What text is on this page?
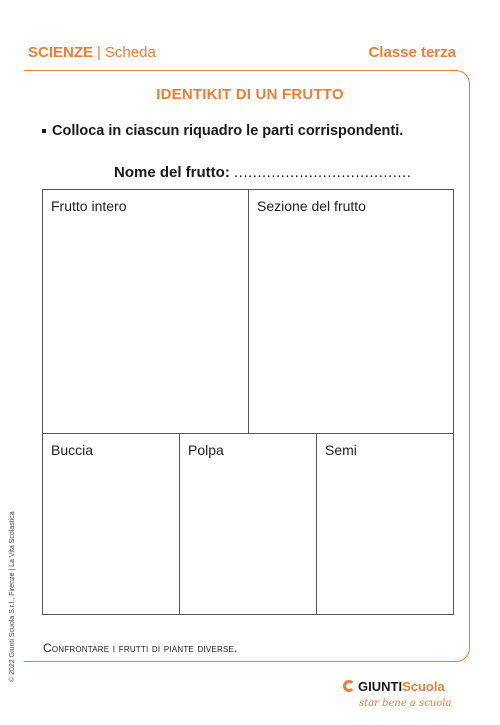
SCIENZE | Scheda	Classe terza
IDENTIKIT DI UN FRUTTO
Colloca in ciascun riquadro le parti corrispondenti.
Nome del frutto: ......................................
Frutto intero	Sezione del frutto
Buccia	Polpa	Semi
Confrontare i frutti di piante diverse.
© 2022 Giunti Scuola S.r.l., Firenze | La Vita Scolastica
GIUNTIScuola
star bene a scuola
